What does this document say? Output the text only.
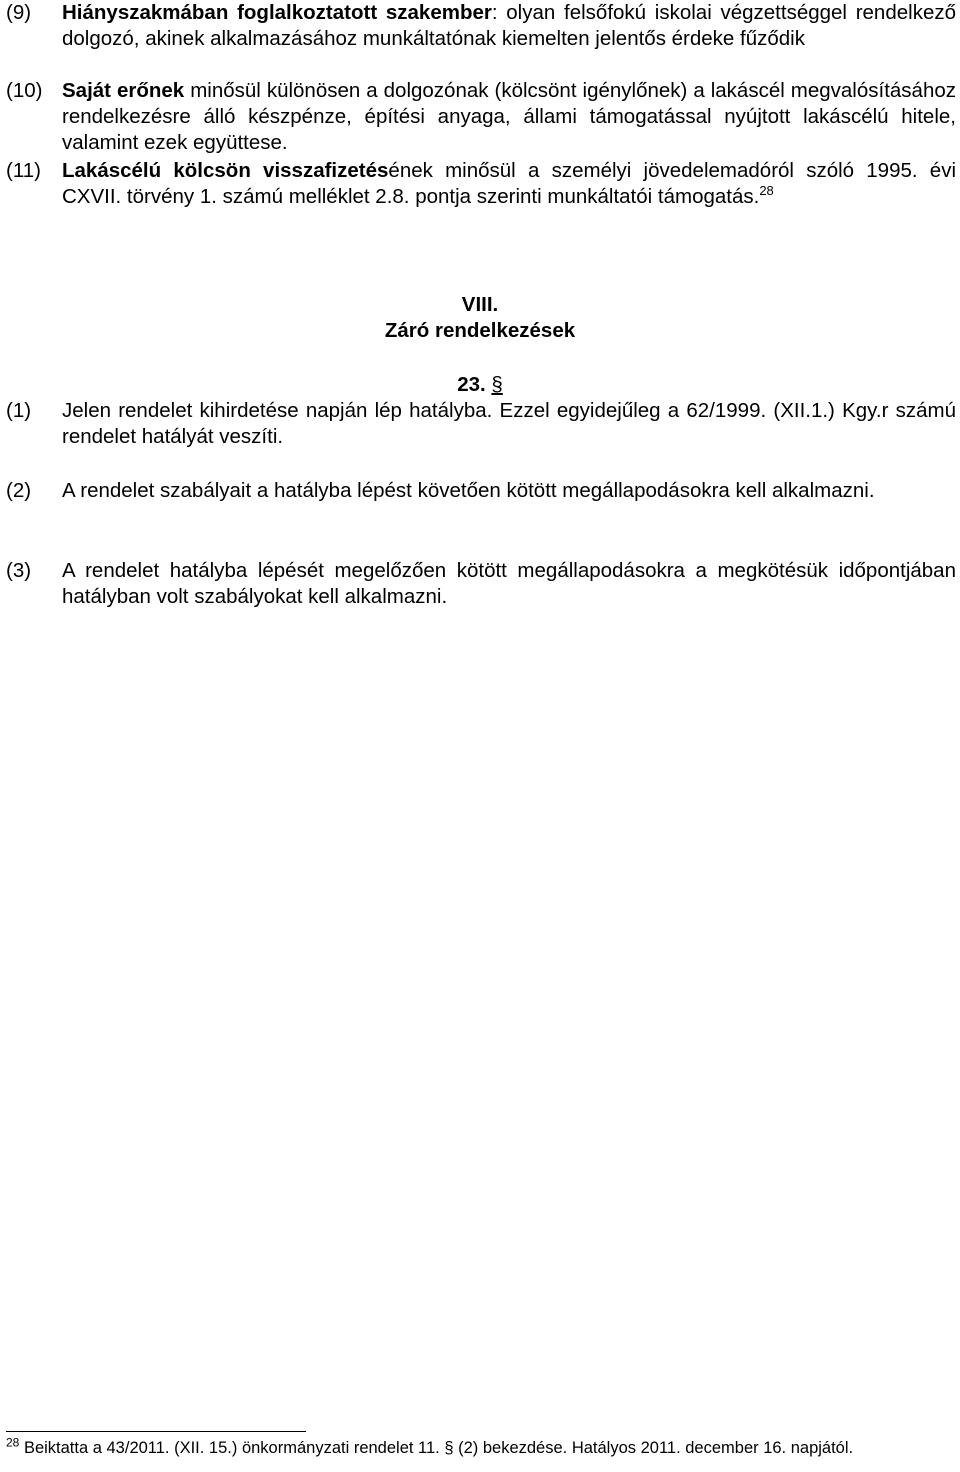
(9) Hiányszakmában foglalkoztatott szakember: olyan felsőfokú iskolai végzettséggel rendelkező dolgozó, akinek alkalmazásához munkáltatónak kiemelten jelentős érdeke fűződik
(10) Saját erőnek minősül különösen a dolgozónak (kölcsönt igénylőnek) a lakáscél megvalósításához rendelkezésre álló készpénze, építési anyaga, állami támogatással nyújtott lakáscélú hitele, valamint ezek együttese.
(11) Lakáscélú kölcsön visszafizetésének minősül a személyi jövedelemadóról szóló 1995. évi CXVII. törvény 1. számú melléklet 2.8. pontja szerinti munkáltatói támogatás.$^{28}$
VIII.
Záró rendelkezések
23. §
(1) Jelen rendelet kihirdetése napján lép hatályba. Ezzel egyidejűleg a 62/1999. (XII.1.) Kgy.r számú rendelet hatályát veszíti.
(2) A rendelet szabályait a hatályba lépést követően kötött megállapodásokra kell alkalmazni.
(3) A rendelet hatályba lépését megelőzően kötött megállapodásokra a megkötésük időpontjában hatályban volt szabályokat kell alkalmazni.
$^{28}$ Beiktatta a 43/2011. (XII. 15.) önkormányzati rendelet 11. § (2) bekezdése. Hatályos 2011. december 16. napjától.
